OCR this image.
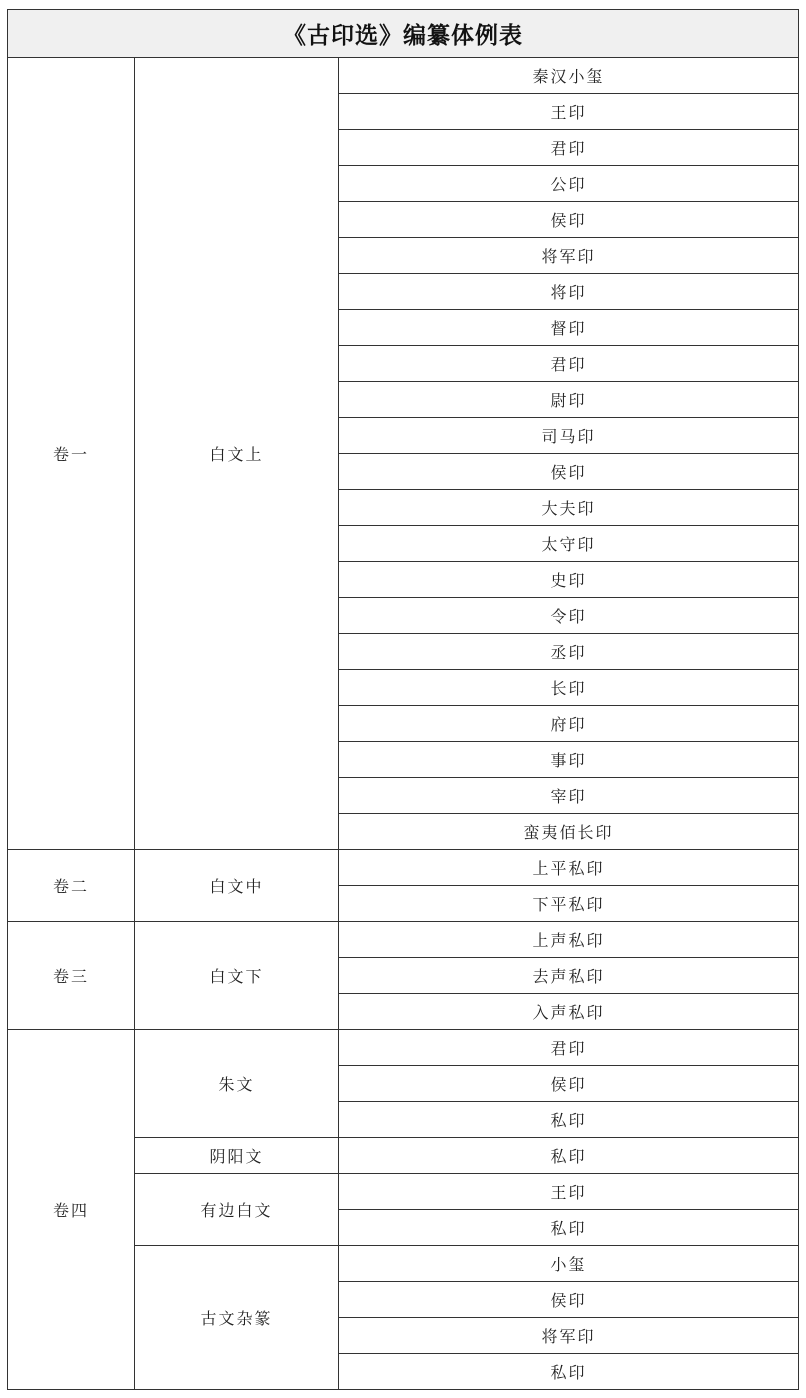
《古印选》编纂体例表		
卷一	白文上	秦汉小玺
		王印
		君印
		公印
		侯印
		将军印
		将印
		督印
		君印
		尉印
		司马印
		侯印
		大夫印
		太守印
		史印
		令印
		丞印
		长印
		府印
		事印
		宰印
		蛮夷佰长印
卷二	白文中	上平私印
		下平私印
卷三	白文下	上声私印
		去声私印
		入声私印
卷四	朱文	君印
		侯印
		私印
	阴阳文	私印
	有边白文	王印
		私印
	古文杂篆	小玺
		侯印
		将军印
		私印
